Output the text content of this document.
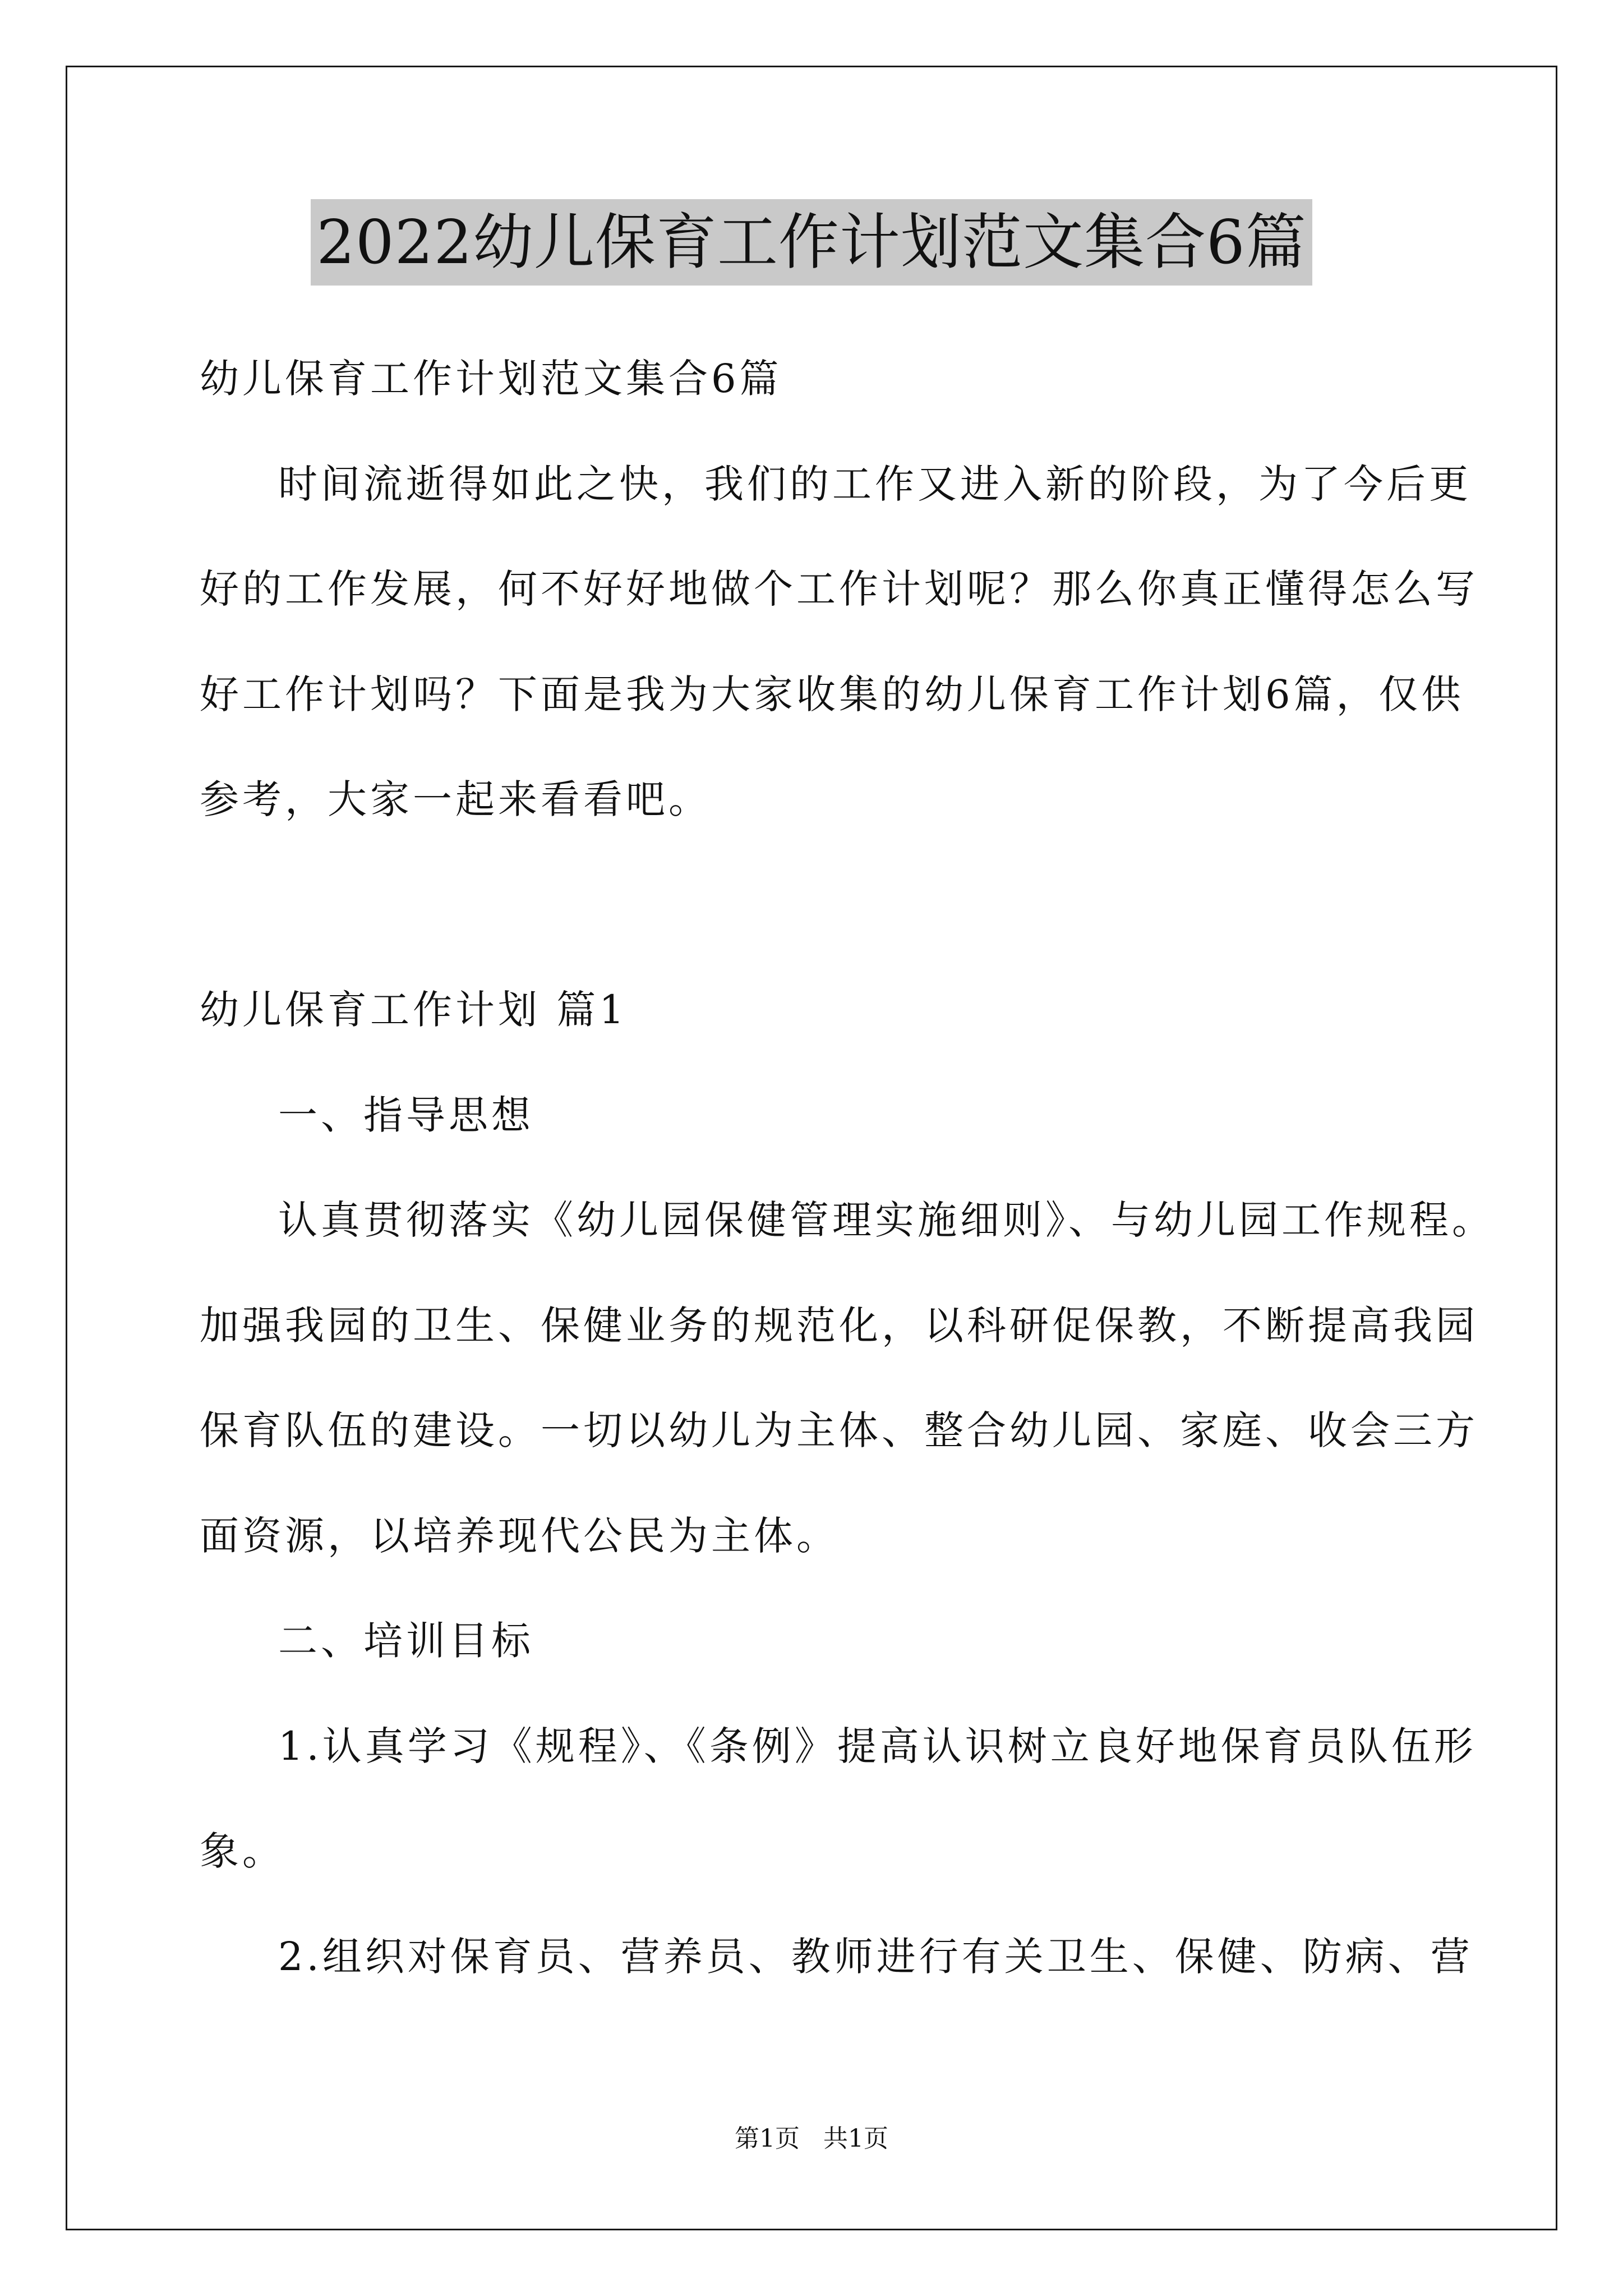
2022幼儿保育工作计划范文集合6篇
幼儿保育工作计划范文集合6篇
时间流逝得如此之快，我们的工作又进入新的阶段，为了今后更
好的工作发展，何不好好地做个工作计划呢？那么你真正懂得怎么写
好工作计划吗？下面是我为大家收集的幼儿保育工作计划6篇，仅供
参考，大家一起来看看吧。
幼儿保育工作计划 篇1
一、指导思想
认真贯彻落实《幼儿园保健管理实施细则》、与幼儿园工作规程。
加强我园的卫生、保健业务的规范化，以科研促保教，不断提高我园
保育队伍的建设。一切以幼儿为主体、整合幼儿园、家庭、收会三方
面资源，以培养现代公民为主体。
二、培训目标
1.认真学习《规程》、《条例》提高认识树立良好地保育员队伍形
象。
2.组织对保育员、营养员、教师进行有关卫生、保健、防病、营
第1页   共1页
